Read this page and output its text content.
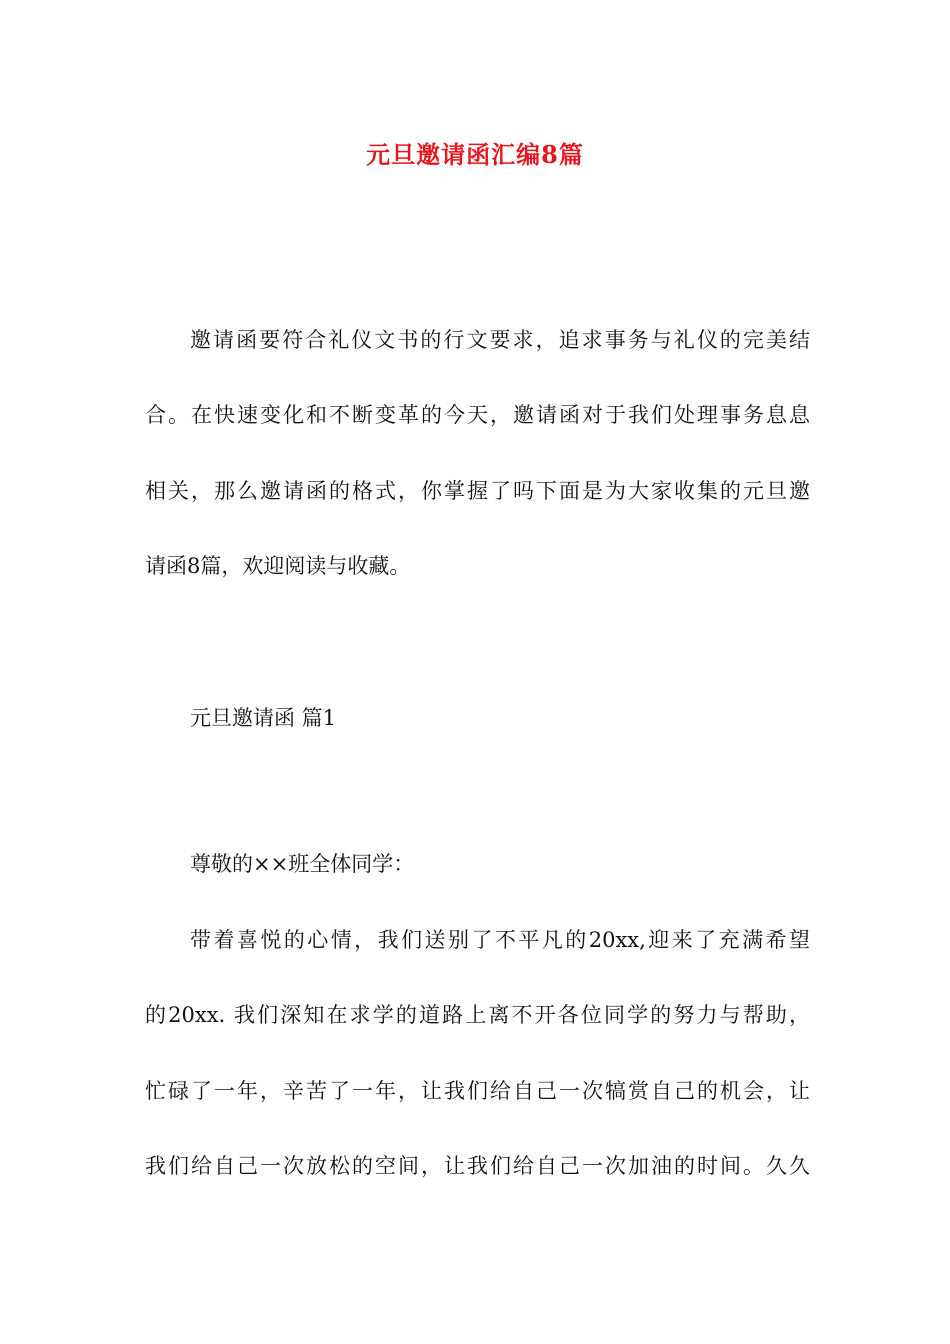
元旦邀请函汇编8篇
邀请函要符合礼仪文书的行文要求，追求事务与礼仪的完美结
合。在快速变化和不断变革的今天，邀请函对于我们处理事务息息
相关，那么邀请函的格式，你掌握了吗下面是为大家收集的元旦邀
请函8篇，欢迎阅读与收藏。
元旦邀请函 篇1
尊敬的××班全体同学：
带着喜悦的心情，我们送别了不平凡的20xx,迎来了充满希望
的20xx. 我们深知在求学的道路上离不开各位同学的努力与帮助，
忙碌了一年，辛苦了一年，让我们给自己一次犒赏自己的机会，让
我们给自己一次放松的空间，让我们给自己一次加油的时间。久久
